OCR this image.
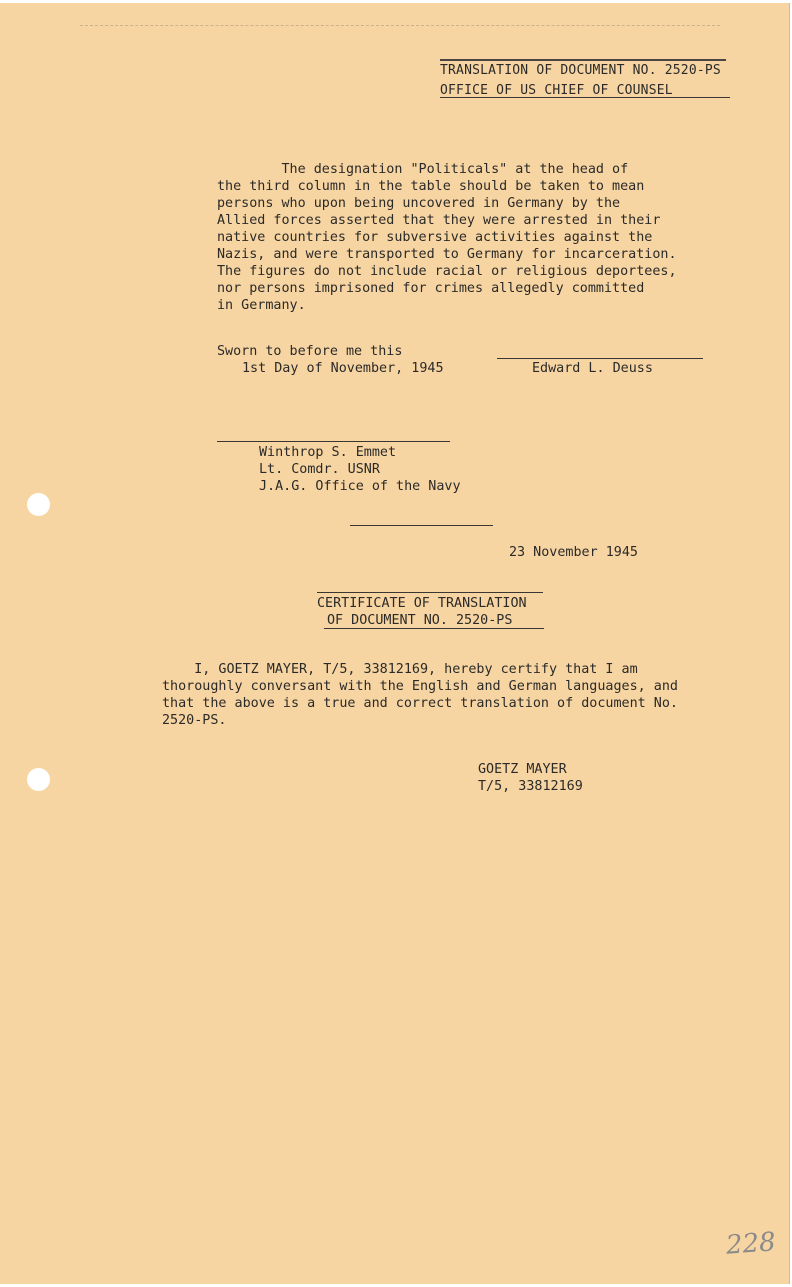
TRANSLATION OF DOCUMENT NO. 2520-PS
OFFICE OF US CHIEF OF COUNSEL
The designation "Politicals" at the head of
the third column in the table should be taken to mean
persons who upon being uncovered in Germany by the
Allied forces asserted that they were arrested in their
native countries for subversive activities against the
Nazis, and were transported to Germany for incarceration.
The figures do not include racial or religious deportees,
nor persons imprisoned for crimes allegedly committed
in Germany.
Sworn to before me this
1st Day of November, 1945	Edward L. Deuss
Winthrop S. Emmet
Lt. Comdr. USNR
J.A.G. Office of the Navy
23 November 1945
CERTIFICATE OF TRANSLATION
OF DOCUMENT NO. 2520-PS
I, GOETZ MAYER, T/5, 33812169, hereby certify that I am
thoroughly conversant with the English and German languages, and
that the above is a true and correct translation of document No.
2520-PS.
GOETZ MAYER
T/5, 33812169
228
